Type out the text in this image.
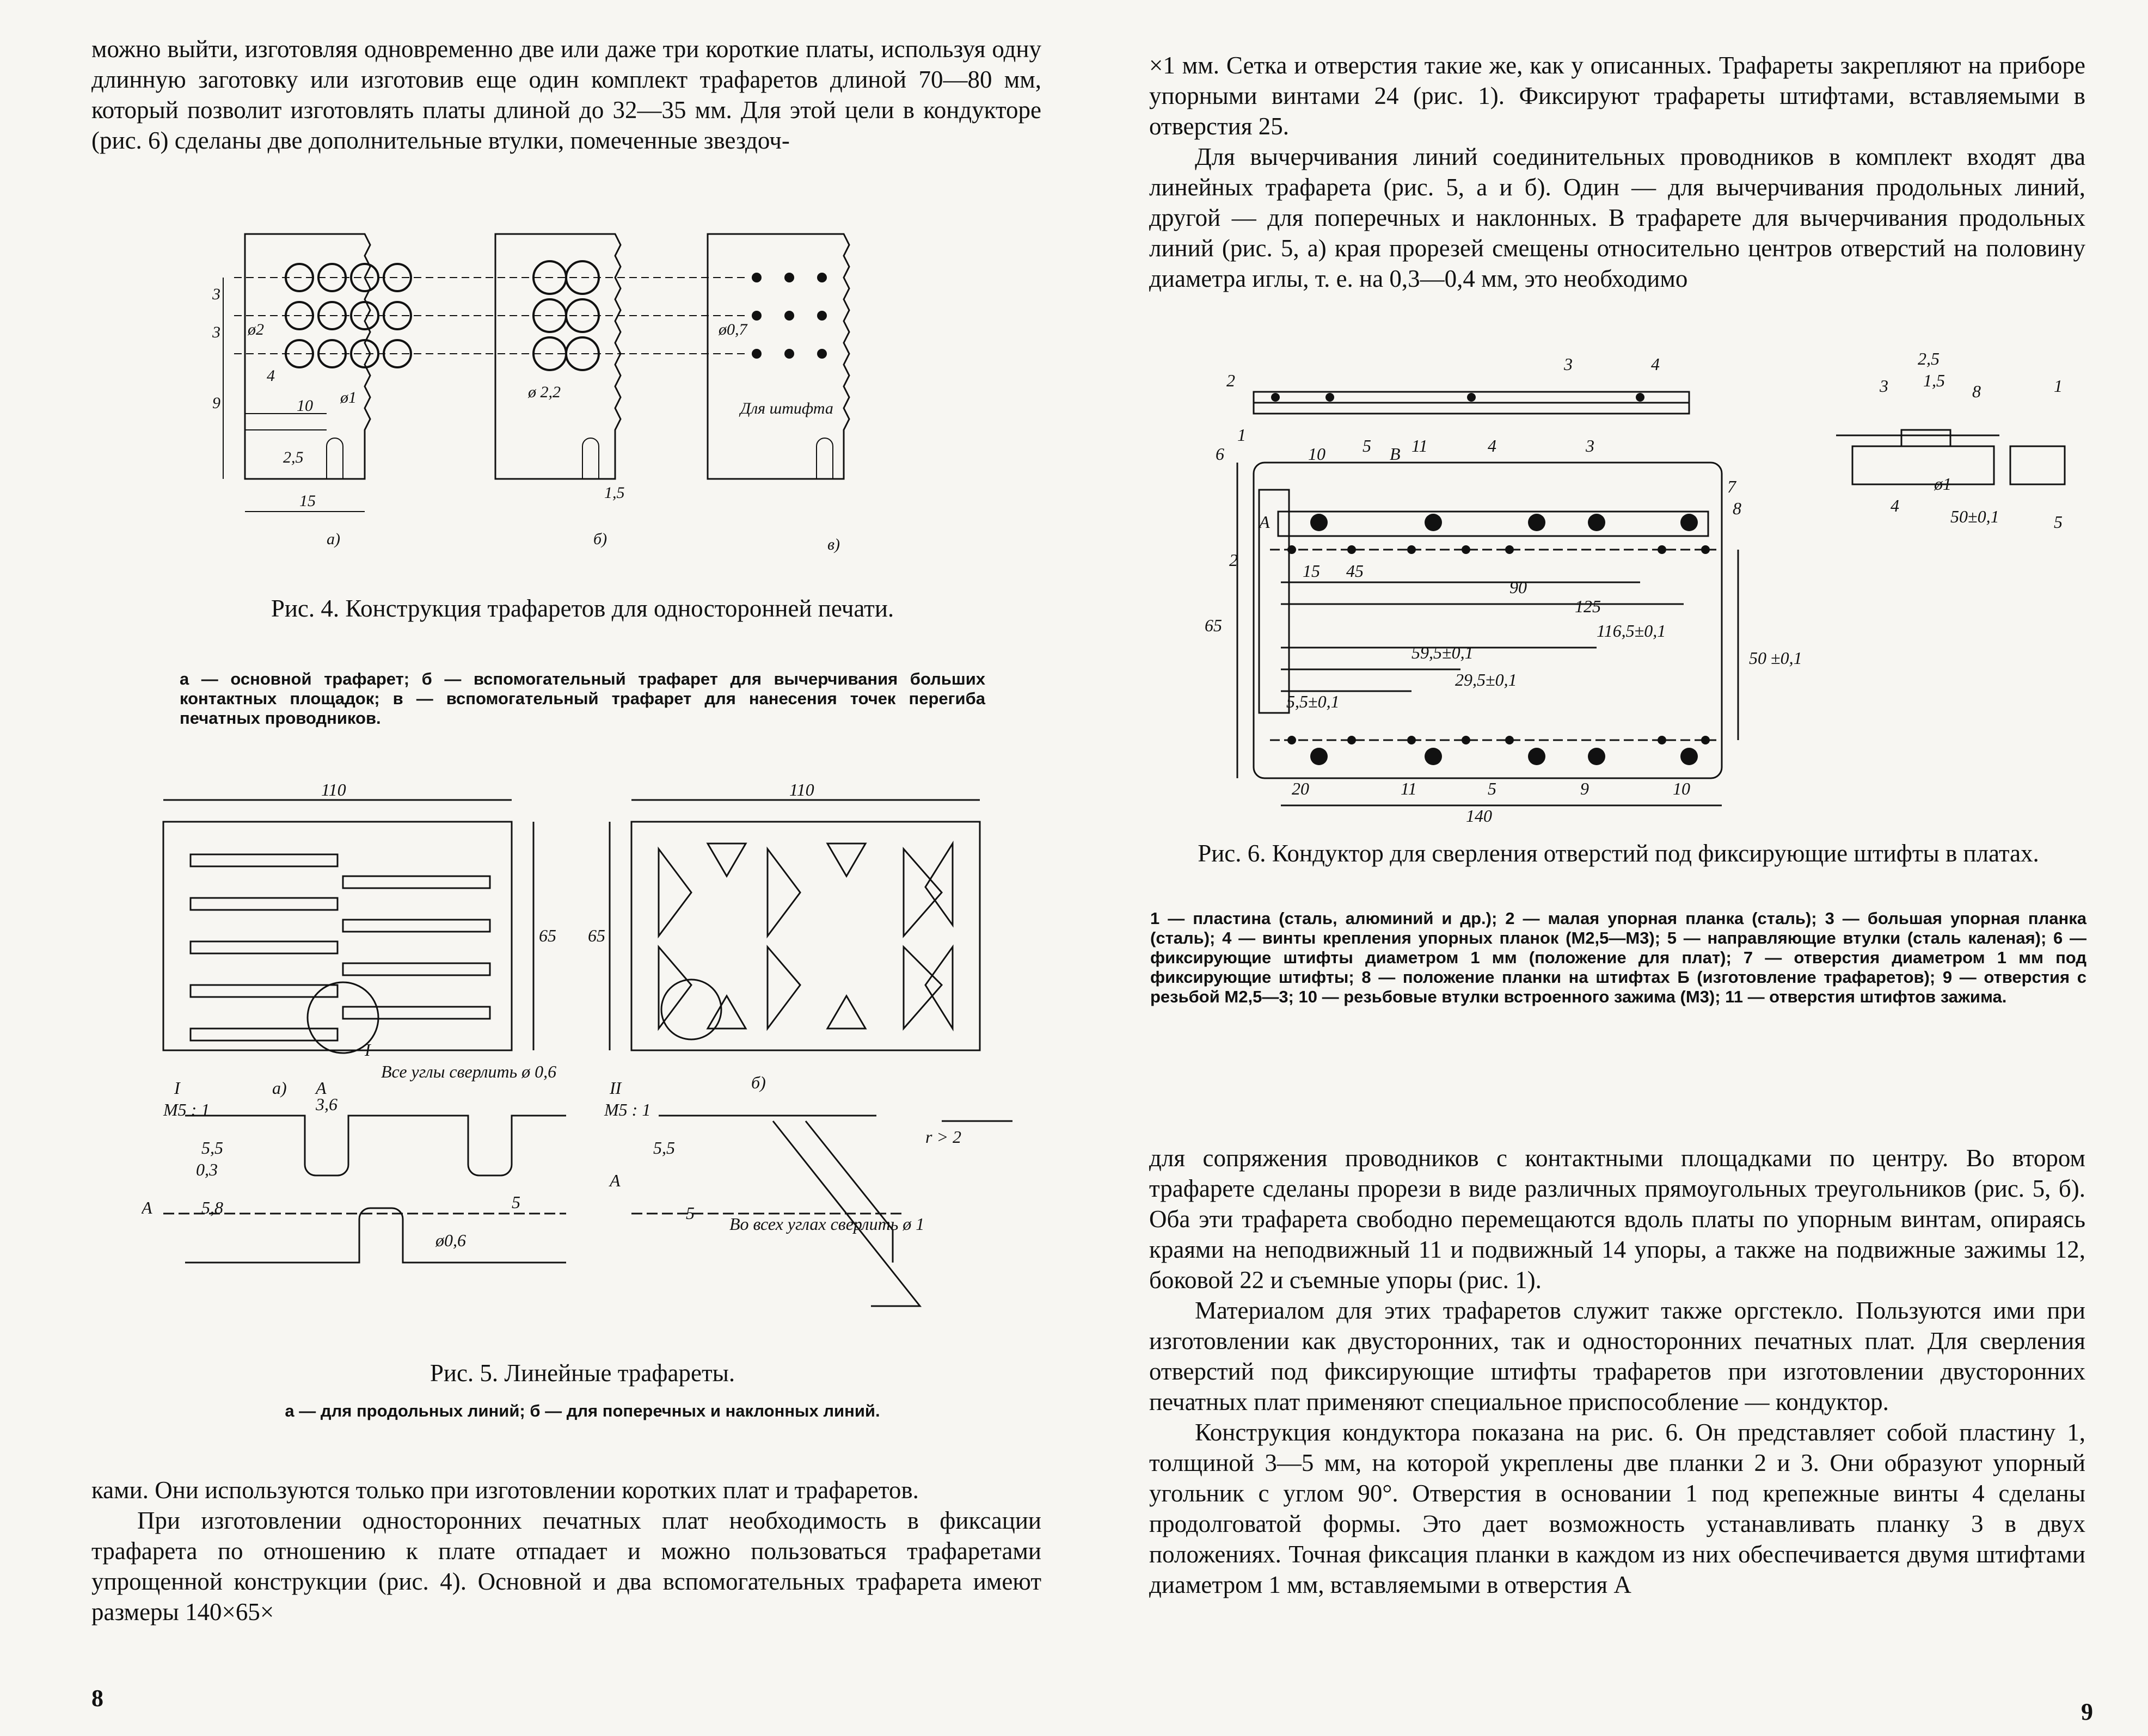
можно выйти, изготовляя одновременно две или даже три короткие платы, используя одну длинную заготовку или изготовив еще один комплект трафаретов длиной 70—80 мм, который позволит изготовлять платы длиной до 32—35 мм. Для этой цели в кондукторе (рис. 6) сделаны две дополнительные втулки, помеченные звездоч-

3
3
9
ø2
4
10 ø1
2,5
15
ø 2,2
1,5
ø0,7
Для штифта
а)	б)	в)
Рис. 4. Конструкция трафаретов для односторонней печати.
а — основной трафарет; б — вспомогательный трафарет для вычерчивания больших контактных площадок; в — вспомогательный трафарет для нанесения точек перегиба печатных проводников.
110	110
65 65
I
I
М5 : 1
а) А
Все углы сверлить ø 0,6
5,5
0,3
3,6
5,8	5
ø0,6
А
II
М5 : 1
б)
5,5
5
Во всех углах сверлить ø 1
r > 2
А
Рис. 5. Линейные трафареты.
а — для продольных линий; б — для поперечных и наклонных линий.

ками. Они используются только при изготовлении коротких плат и трафаретов.

При изготовлении односторонних печатных плат необходимость в фиксации трафарета по отношению к плате отпадает и можно пользоваться трафаретами упрощенной конструкции (рис. 4). Основной и два вспомогательных трафарета имеют размеры 140×65×

8

×1 мм. Сетка и отверстия такие же, как у описанных. Трафареты закрепляют на приборе упорными винтами 24 (рис. 1). Фиксируют трафареты штифтами, вставляемыми в отверстия 25.

Для вычерчивания линий соединительных проводников в комплект входят два линейных трафарета (рис. 5, а и б). Один — для вычерчивания продольных линий, другой — для поперечных и наклонных. В трафарете для вычерчивания продольных линий (рис. 5, а) края прорезей смещены относительно центров отверстий на половину диаметра иглы, т. е. на 0,3—0,4 мм, это необходимо

2
3	4
1
6	10 5 В 11	4	3
7
8
А	Б
2
15 45
90
125
116,5±0,1
59,5±0,1
29,5±0,1
5,5±0,1
20
140
65
50 ±0,1
11	5	9	10
2,5
1,5
3	8	1
4
ø1
50±0,1	5
Рис. 6. Кондуктор для сверления отверстий под фиксирующие штифты в платах.
1 — пластина (сталь, алюминий и др.); 2 — малая упорная планка (сталь); 3 — большая упорная планка (сталь); 4 — винты крепления упорных планок (М2,5—М3); 5 — направляющие втулки (сталь каленая); 6 — фиксирующие штифты диаметром 1 мм (положение для плат); 7 — отверстия диаметром 1 мм под фиксирующие штифты; 8 — положение планки на штифтах Б (изготовление трафаретов); 9 — отверстия с резьбой М2,5—3; 10 — резьбовые втулки встроенного зажима (М3); 11 — отверстия штифтов зажима.

для сопряжения проводников с контактными площадками по центру. Во втором трафарете сделаны прорези в виде различных прямоугольных треугольников (рис. 5, б). Оба эти трафарета свободно перемещаются вдоль платы по упорным винтам, опираясь краями на неподвижный 11 и подвижный 14 упоры, а также на подвижные зажимы 12, боковой 22 и съемные упоры (рис. 1).

Материалом для этих трафаретов служит также оргстекло. Пользуются ими при изготовлении как двусторонних, так и односторонних печатных плат. Для сверления отверстий под фиксирующие штифты трафаретов при изготовлении двусторонних печатных плат применяют специальное приспособление — кондуктор.

Конструкция кондуктора показана на рис. 6. Он представляет собой пластину 1, толщиной 3—5 мм, на которой укреплены две планки 2 и 3. Они образуют упорный угольник с углом 90°. Отверстия в основании 1 под крепежные винты 4 сделаны продолговатой формы. Это дает возможность устанавливать планку 3 в двух положениях. Точная фиксация планки в каждом из них обеспечивается двумя штифтами диаметром 1 мм, вставляемыми в отверстия А

9
